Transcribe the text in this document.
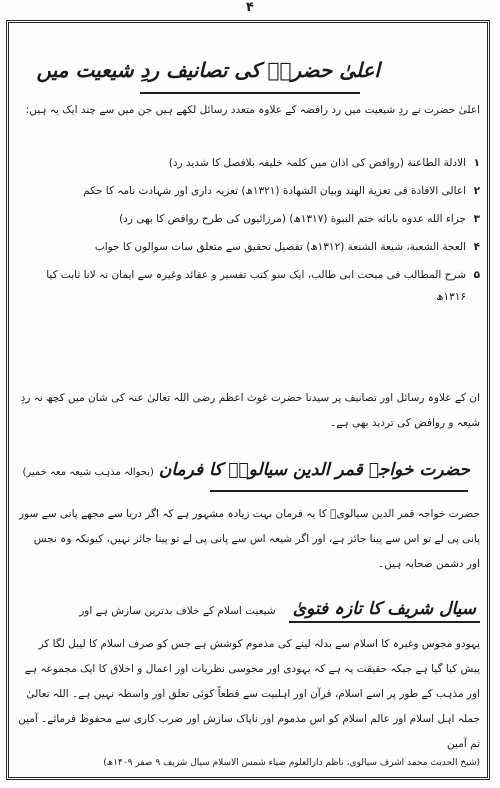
۴
اعلیٰ حضرتؒ کی تصانیف ردِ شیعیت میں
اعلیٰ حضرت نے ردِ شیعیت میں رد رافضہ کے علاوہ متعدد رسائل لکھے ہیں جن میں سے چند ایک یہ ہیں:
۱
الادلة الطاعنة (روافض کی اذان میں کلمہ خلیفہ بلافصل کا شدید رد)
۲
اعالی الافادة فی تعزیة الهند وبیان الشهادة (۱۳۲۱ھ) تعزیہ داری اور شہادت نامہ کا حکم
۳
جزاء الله عدوه بابائه ختم النبوة (۱۳۱۷ھ) (مرزائیوں کی طرح روافض کا بھی رد)
۴
العجة الشعبة، شیعة الشنعة (۱۳۱۲ھ) تفصیل تحقیق سے متعلق سات سوالوں کا جواب
۵
شرح المطالب فی مبحث ابی طالب، ایک سو کتب تفسیر و عقائد وغیرہ سے ایمان نہ لانا ثابت کیا ۱۳۱۶ھ
ان کے علاوہ رسائل اور تصانیف پر سیدنا حضرت غوث اعظم رضی اللہ تعالیٰ عنہ کی شان میں کچھ نہ ردِ شیعہ و روافض کی تردید بھی ہے۔
حضرت خواجہ قمر الدین سیالویؒ کا فرمان (بحوالہ مذہب شیعہ معہ خمیر)
حضرت خواجہ قمر الدین سیالویؒ کا یہ فرمان بہت زیادہ مشہور ہے کہ اگر دریا سے مجھے پانی سے سور پانی پی لے تو اس سے پینا جائز ہے، اور اگر شیعہ اس سے پانی پی لے تو پینا جائز نہیں، کیونکہ وہ نجس اور دشمن صحابہ ہیں۔
سیال شریف کا تازہ فتویٰ شیعیت اسلام کے خلاف بدترین سازش ہے اور
یہودو مجوس وغیرہ کا اسلام سے بدلہ لینے کی مذموم کوشش ہے جس کو صرف اسلام کا لیبل لگا کر پیش کیا گیا ہے جبکہ حقیقت یہ ہے کہ یہودی اور مجوسی نظریات اور اعمال و اخلاق کا ایک مجموعہ ہے اور مذہب کے طور پر اسے اسلام، قرآن اور اہلبیت سے قطعاً کوئی تعلق اور واسطہ نہیں ہے۔ اللہ تعالیٰ جملہ اہل اسلام اور عالم اسلام کو اس مذموم اور ناپاک سازش اور ضرب کاری سے محفوظ فرمائے۔ آمین ثم آمین
(شیخ الحدیث محمد اشرف سیالوی، ناظم دارالعلوم ضیاء شمس الاسلام سیال شریف ۹ صفر ۱۴۰۹ھ)
